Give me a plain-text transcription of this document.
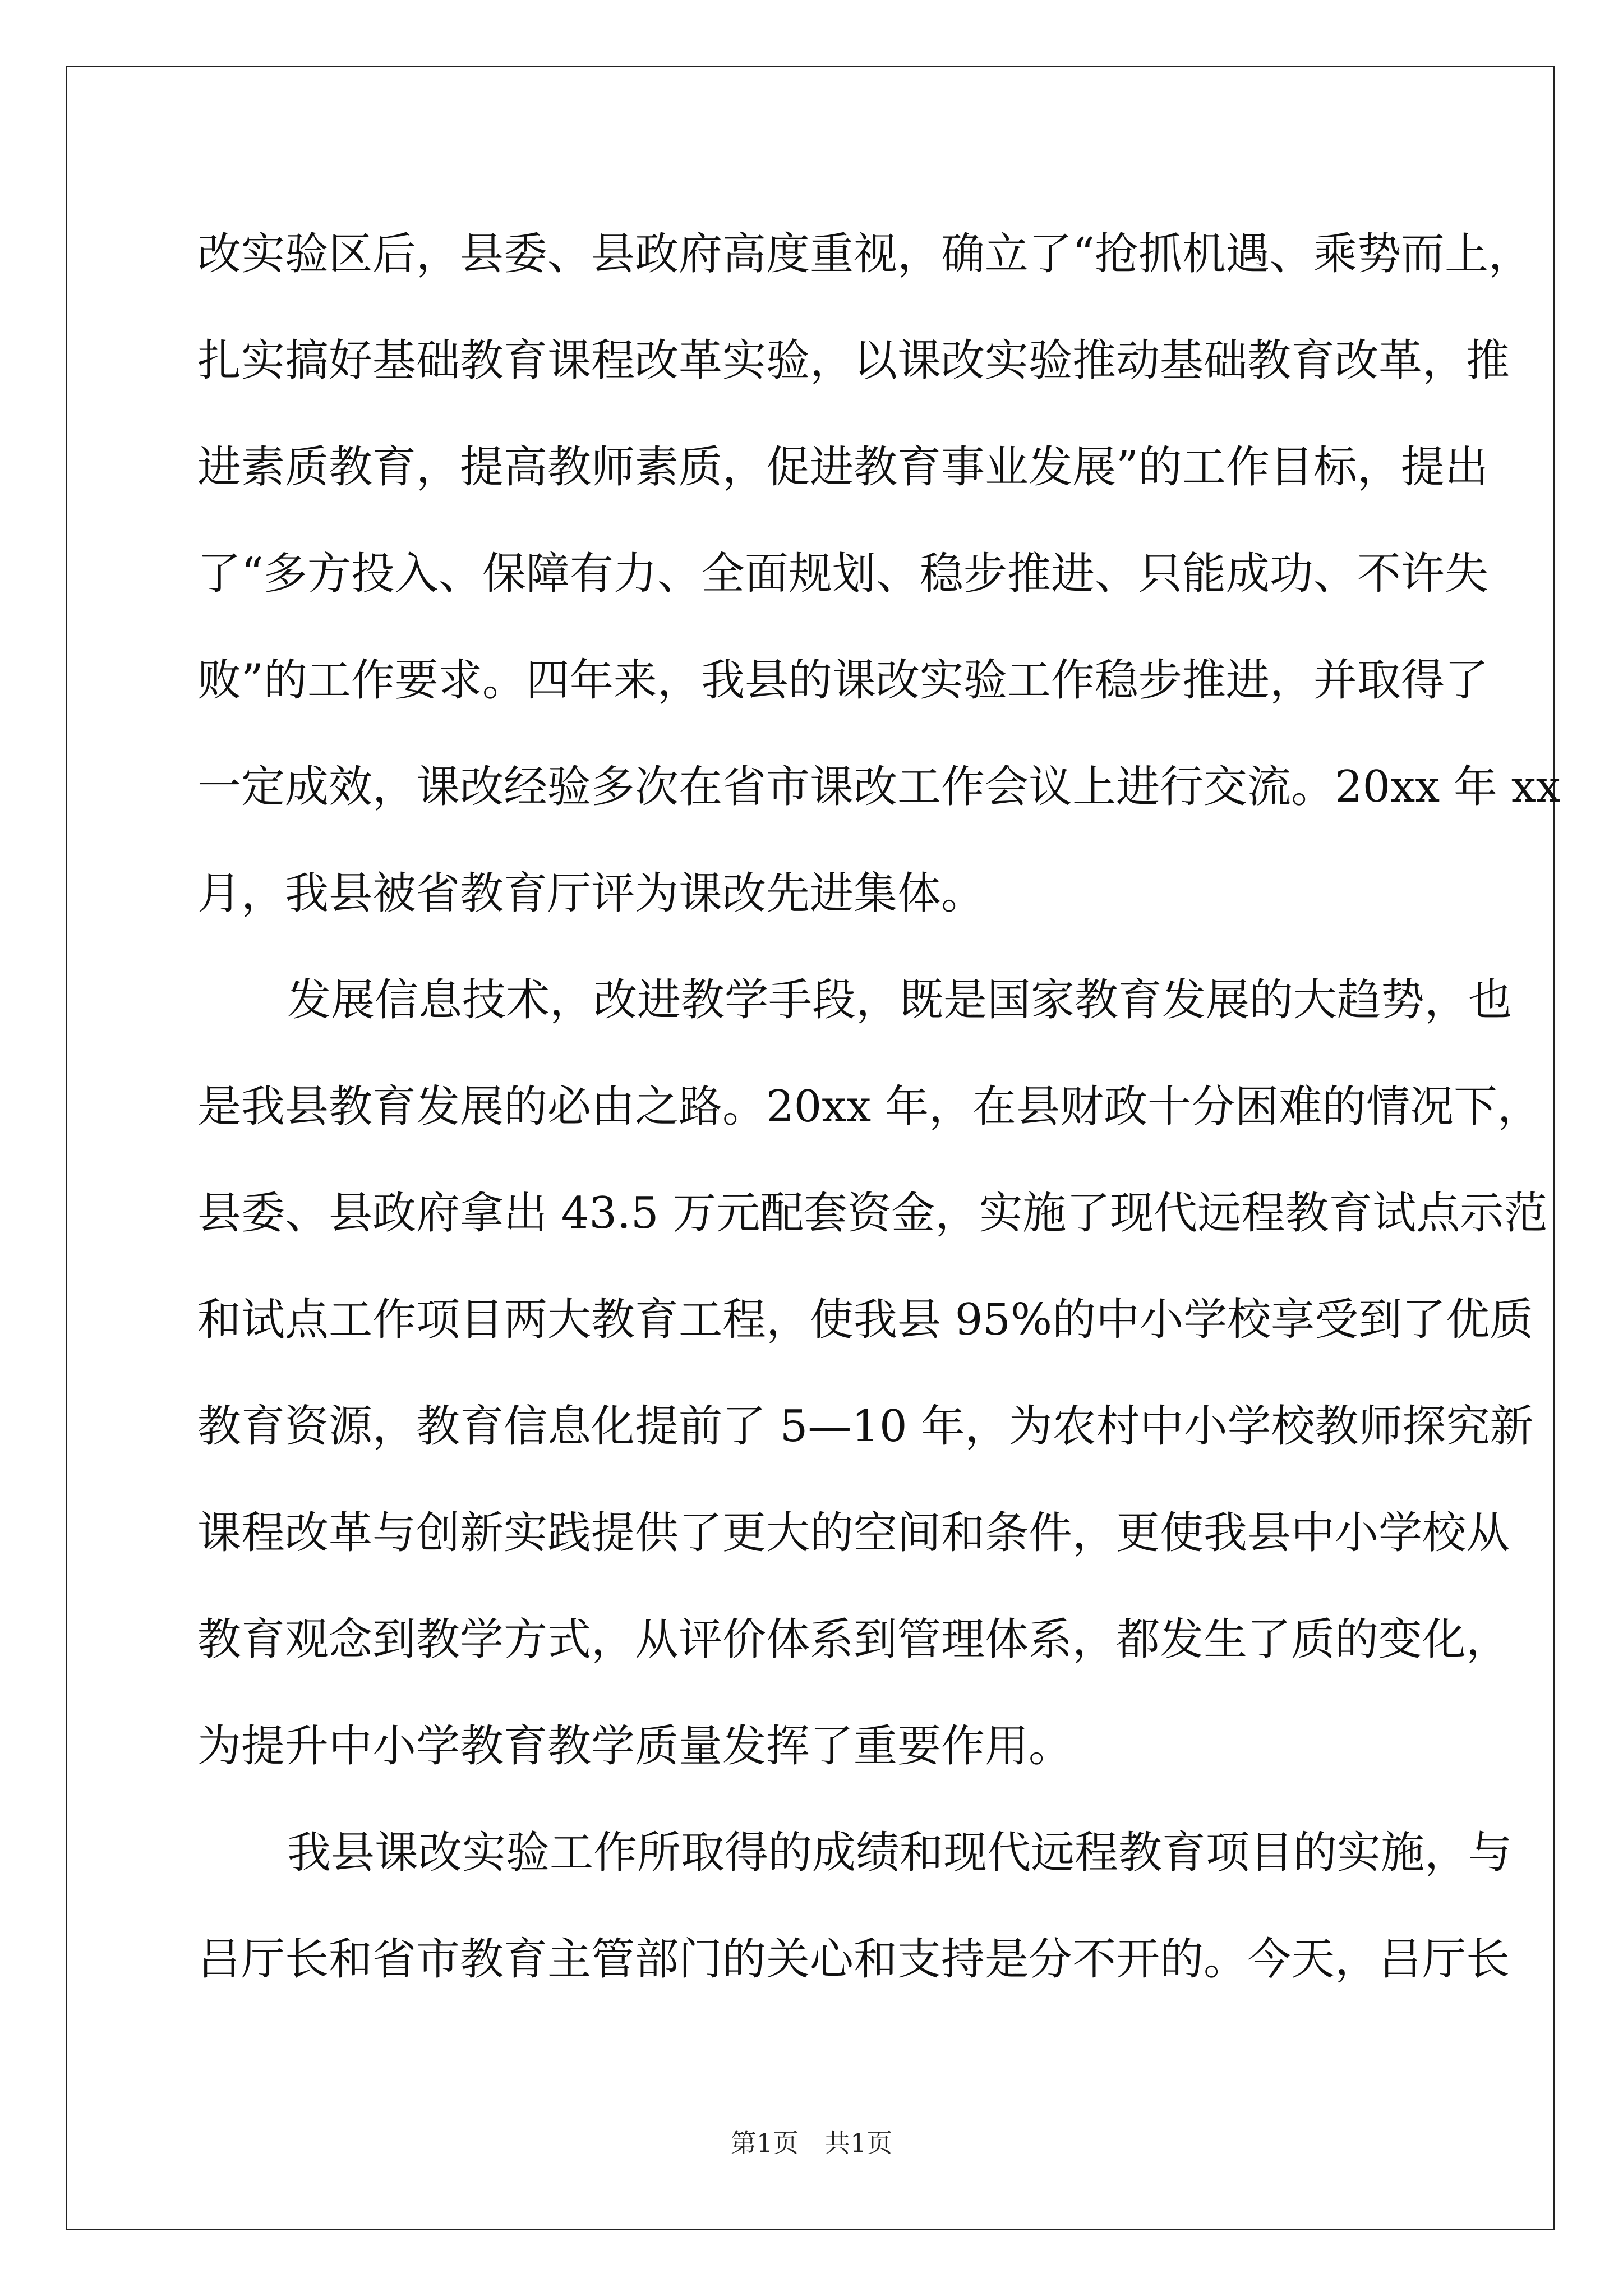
改实验区后，县委、县政府高度重视，确立了“抢抓机遇、乘势而上，
扎实搞好基础教育课程改革实验，以课改实验推动基础教育改革，推
进素质教育，提高教师素质，促进教育事业发展”的工作目标，提出
了“多方投入、保障有力、全面规划、稳步推进、只能成功、不许失
败”的工作要求。四年来，我县的课改实验工作稳步推进，并取得了
一定成效，课改经验多次在省市课改工作会议上进行交流。20xx 年 xx
月，我县被省教育厅评为课改先进集体。
发展信息技术，改进教学手段，既是国家教育发展的大趋势，也
是我县教育发展的必由之路。20xx 年，在县财政十分困难的情况下，
县委、县政府拿出 43.5 万元配套资金，实施了现代远程教育试点示范
和试点工作项目两大教育工程，使我县 95%的中小学校享受到了优质
教育资源，教育信息化提前了 5—10 年，为农村中小学校教师探究新
课程改革与创新实践提供了更大的空间和条件，更使我县中小学校从
教育观念到教学方式，从评价体系到管理体系，都发生了质的变化，
为提升中小学教育教学质量发挥了重要作用。
我县课改实验工作所取得的成绩和现代远程教育项目的实施，与
吕厅长和省市教育主管部门的关心和支持是分不开的。今天，吕厅长
第1页　共1页
